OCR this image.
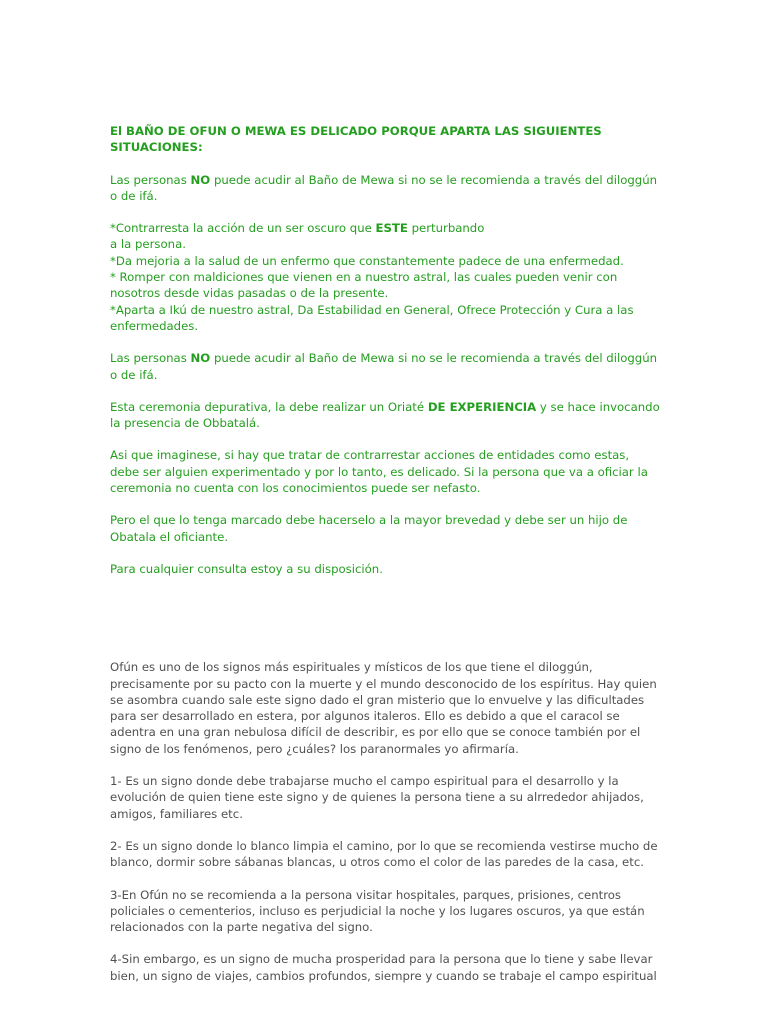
El BAÑO DE OFUN O MEWA ES DELICADO PORQUE APARTA LAS SIGUIENTES SITUACIONES:

Las personas NO puede acudir al Baño de Mewa si no se le recomienda a través del diloggún o de ifá.

*Contrarresta la acción de un ser oscuro que ESTE perturbando

a la persona.

*Da mejoria a la salud de un enfermo que constantemente padece de una enfermedad.

* Romper con maldiciones que vienen en a nuestro astral, las cuales pueden venir con nosotros desde vidas pasadas o de la presente.

*Aparta a Ikú de nuestro astral, Da Estabilidad en General, Ofrece Protección y Cura a las enfermedades.

Las personas NO puede acudir al Baño de Mewa si no se le recomienda a través del diloggún o de ifá.

Esta ceremonia depurativa, la debe realizar un Oriaté DE EXPERIENCIA y se hace invocando la presencia de Obbatalá.

Asi que imaginese, si hay que tratar de contrarrestar acciones de entidades como estas, debe ser alguien experimentado y por lo tanto, es delicado. Si la persona que va a oficiar la ceremonia no cuenta con los conocimientos puede ser nefasto.

Pero el que lo tenga marcado debe hacerselo a la mayor brevedad y debe ser un hijo de Obatala el oficiante.

Para cualquier consulta estoy a su disposición.

Ofún es uno de los signos más espirituales y místicos de los que tiene el diloggún, precisamente por su pacto con la muerte y el mundo desconocido de los espíritus. Hay quien se asombra cuando sale este signo dado el gran misterio que lo envuelve y las dificultades para ser desarrollado en estera, por algunos italeros. Ello es debido a que el caracol se adentra en una gran nebulosa difícil de describir, es por ello que se conoce también por el signo de los fenómenos, pero ¿cuáles? los paranormales yo afirmaría.

1- Es un signo donde debe trabajarse mucho el campo espiritual para el desarrollo y la evolución de quien tiene este signo y de quienes la persona tiene a su alrrededor ahijados, amigos, familiares etc.

2- Es un signo donde lo blanco limpia el camino, por lo que se recomienda vestirse mucho de blanco, dormir sobre sábanas blancas, u otros como el color de las paredes de la casa, etc.

3-En Ofún no se recomienda a la persona visitar hospitales, parques, prisiones, centros policiales o cementerios, incluso es perjudicial la noche y los lugares oscuros, ya que están relacionados con la parte negativa del signo.

4-Sin embargo, es un signo de mucha prosperidad para la persona que lo tiene y sabe llevar bien, un signo de viajes, cambios profundos, siempre y cuando se trabaje el campo espiritual
